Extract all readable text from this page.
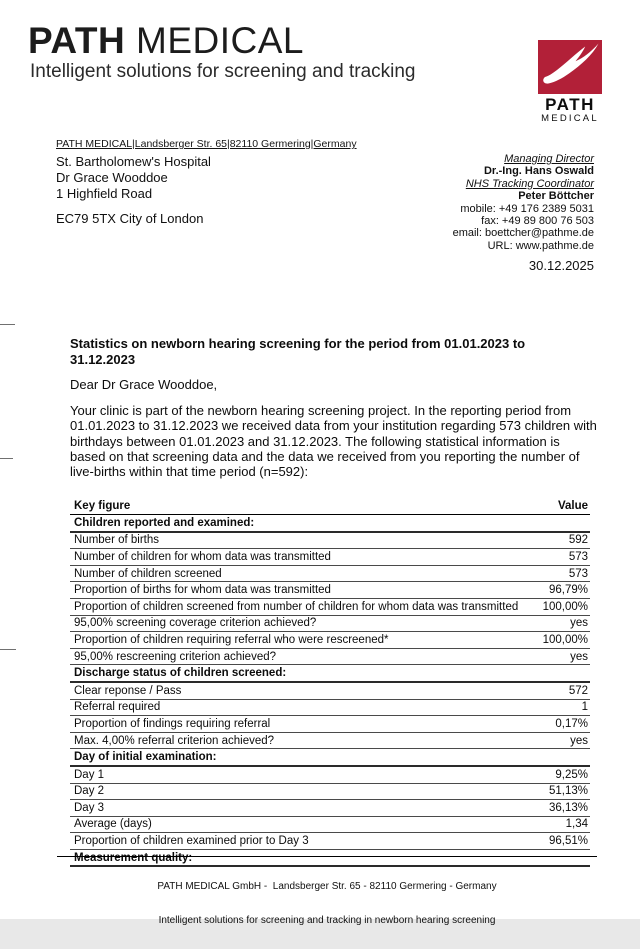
PATH MEDICAL
Intelligent solutions for screening and tracking
PATH
MEDICAL
PATH MEDICAL|Landsberger Str. 65|82110 Germering|Germany
St. Bartholomew's Hospital
Dr Grace Wooddoe
1 Highfield Road
EC79 5TX City of London
Managing Director
Dr.-Ing. Hans Oswald
NHS Tracking Coordinator
Peter Böttcher
mobile: +49 176 2389 5031
fax: +49 89 800 76 503
email: boettcher@pathme.de
URL: www.pathme.de
30.12.2025
Statistics on newborn hearing screening for the period from 01.01.2023 to 31.12.2023
Dear Dr Grace Wooddoe,
Your clinic is part of the newborn hearing screening project. In the reporting period from 01.01.2023 to 31.12.2023 we received data from your institution regarding 573 children with birthdays between 01.01.2023 and 31.12.2023. The following statistical information is based on that screening data and the data we received from you reporting the number of live-births within that time period (n=592):
Key figure	Value
Children reported and examined:
Number of births	592
Number of children for whom data was transmitted	573
Number of children screened	573
Proportion of births for whom data was transmitted	96,79%
Proportion of children screened from number of children for whom data was transmitted	100,00%
95,00% screening coverage criterion achieved?	yes
Proportion of children requiring referral who were rescreened*	100,00%
95,00% rescreening criterion achieved?	yes
Discharge status of children screened:
Clear reponse / Pass	572
Referral required	1
Proportion of findings requiring referral	0,17%
Max. 4,00% referral criterion achieved?	yes
Day of initial examination:
Day 1	9,25%
Day 2	51,13%
Day 3	36,13%
Average (days)	1,34
Proportion of children examined prior to Day 3	96,51%
Measurement quality:

PATH MEDICAL GmbH -  Landsberger Str. 65 - 82110 Germering - Germany

Intelligent solutions for screening and tracking in newborn hearing screening
